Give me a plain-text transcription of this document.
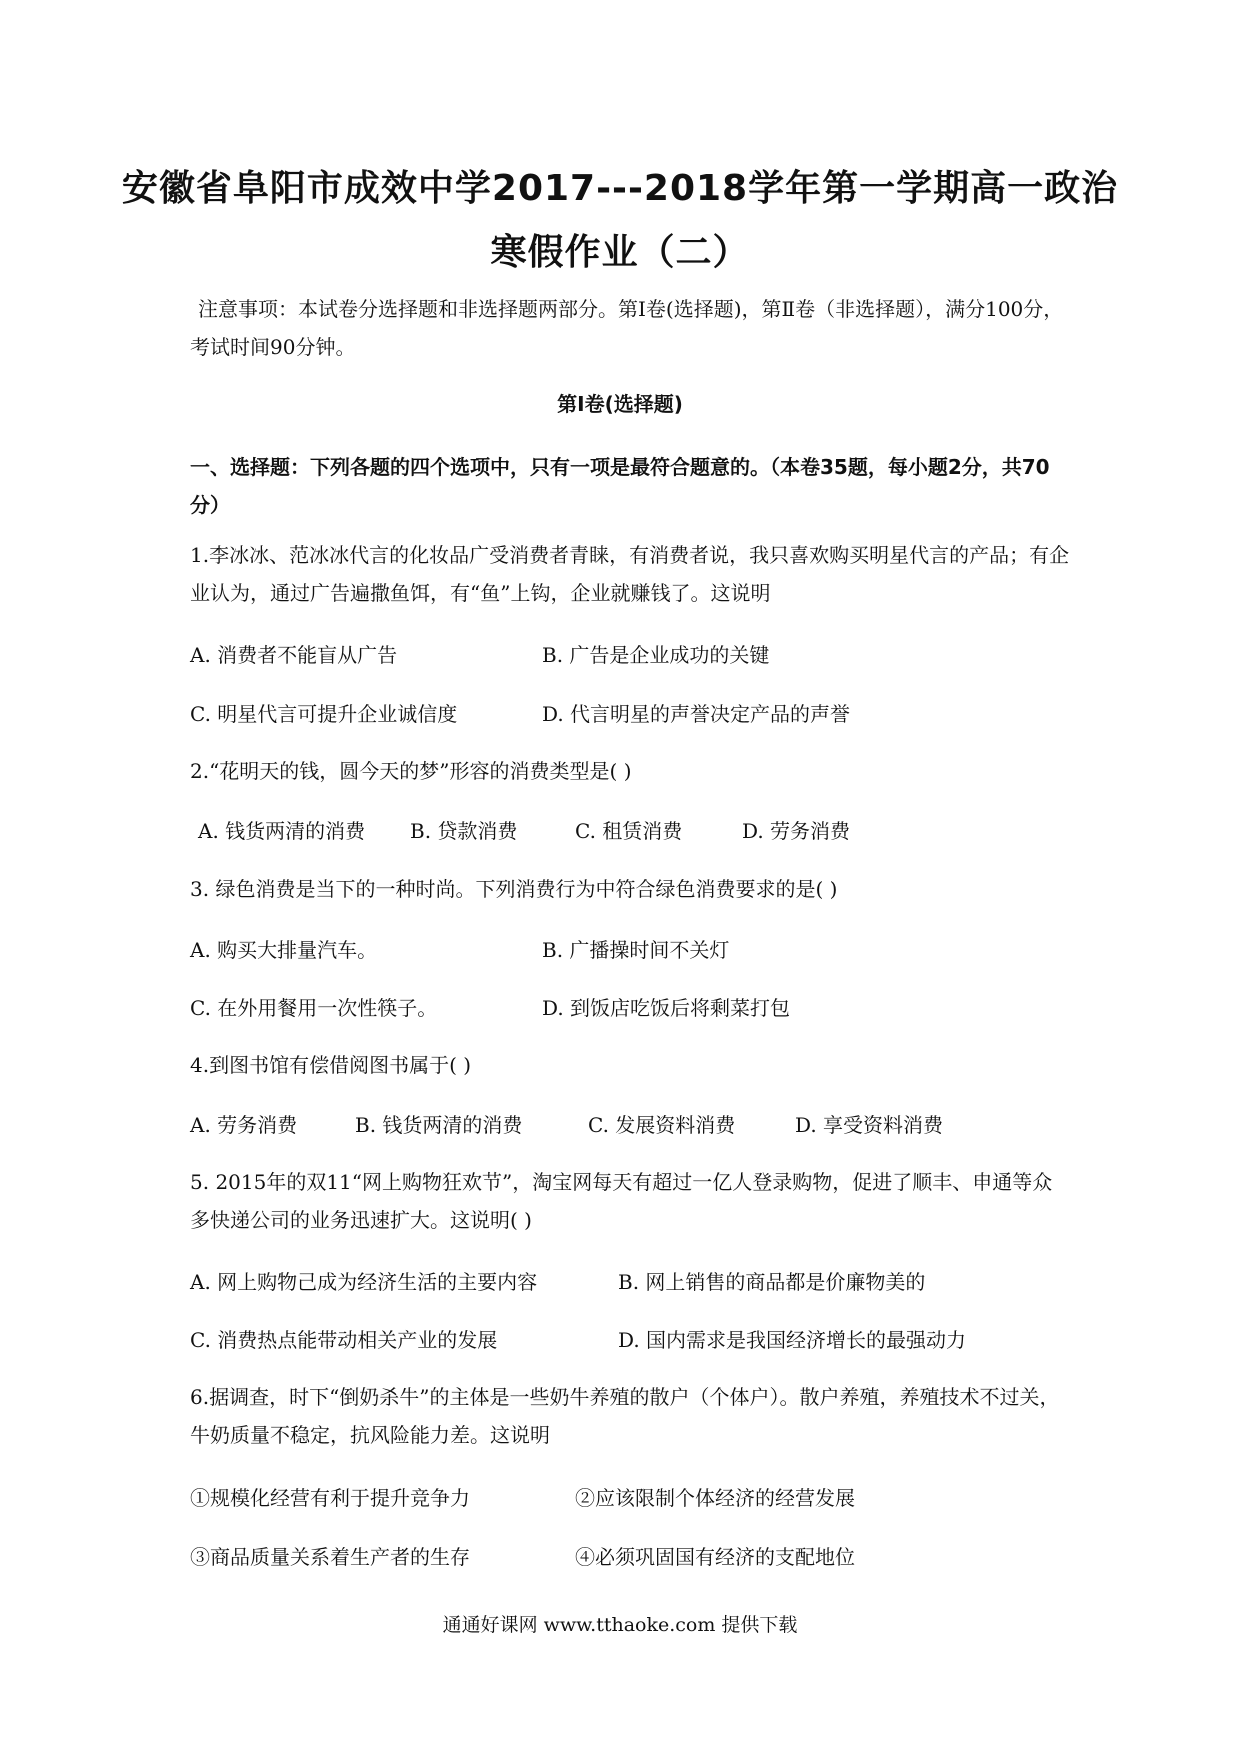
安徽省阜阳市成效中学2017---2018学年第一学期高一政治
寒假作业（二）
注意事项：本试卷分选择题和非选择题两部分。第Ⅰ卷(选择题)，第Ⅱ卷（非选择题），满分100分，考试时间90分钟。
第Ⅰ卷(选择题)
一、选择题：下列各题的四个选项中，只有一项是最符合题意的。（本卷35题，每小题2分，共70分）
1.李冰冰、范冰冰代言的化妆品广受消费者青睐，有消费者说，我只喜欢购买明星代言的产品；有企业认为，通过广告遍撒鱼饵，有“鱼”上钩，企业就赚钱了。这说明
A. 消费者不能盲从广告	B. 广告是企业成功的关键
C. 明星代言可提升企业诚信度	D. 代言明星的声誉决定产品的声誉
2.“花明天的钱，圆今天的梦”形容的消费类型是( )
A. 钱货两清的消费 B. 贷款消费	C. 租赁消费	D. 劳务消费
3. 绿色消费是当下的一种时尚。下列消费行为中符合绿色消费要求的是( )
A. 购买大排量汽车。	B. 广播操时间不关灯
C. 在外用餐用一次性筷子。	D. 到饭店吃饭后将剩菜打包
4.到图书馆有偿借阅图书属于( )
A. 劳务消费	B. 钱货两清的消费	C. 发展资料消费	D. 享受资料消费
5. 2015年的双11“网上购物狂欢节”，淘宝网每天有超过一亿人登录购物，促进了顺丰、申通等众多快递公司的业务迅速扩大。这说明( )
A. 网上购物己成为经济生活的主要内容	B. 网上销售的商品都是价廉物美的
C. 消费热点能带动相关产业的发展	D. 国内需求是我国经济增长的最强动力
6.据调查，时下“倒奶杀牛”的主体是一些奶牛养殖的散户（个体户）。散户养殖，养殖技术不过关，牛奶质量不稳定，抗风险能力差。这说明
①规模化经营有利于提升竞争力	②应该限制个体经济的经营发展
③商品质量关系着生产者的生存	④必须巩固国有经济的支配地位
通通好课网 www.tthaoke.com 提供下载
